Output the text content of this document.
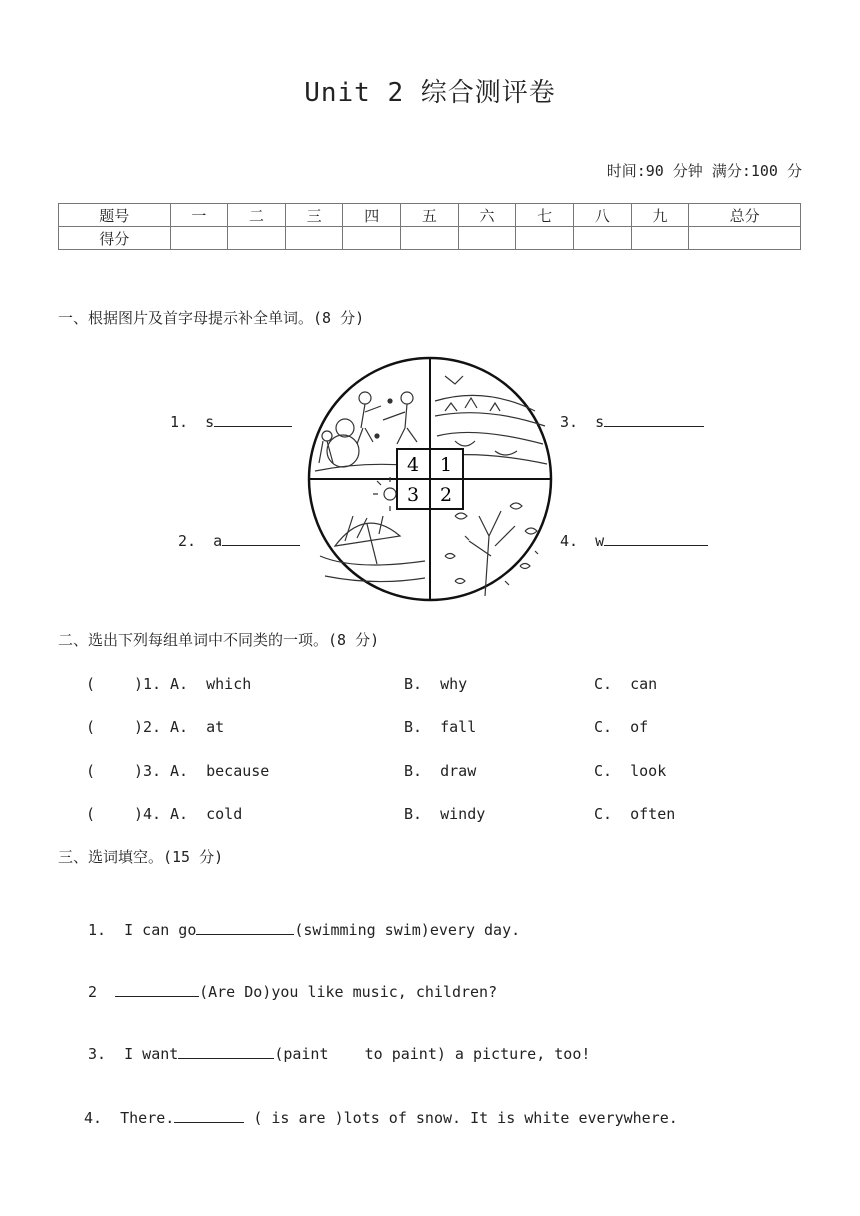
Unit 2 综合测评卷
时间:90 分钟 满分:100 分
题号	一	二	三	四	五	六	七	八	九	总分
得分										
一、根据图片及首字母提示补全单词。(8 分)
1. s
2. a
3. s
4. w
4 1
3 2
二、选出下列每组单词中不同类的一项。(8 分)
(	)1. A.  which	B.  why	C.  can
(	)2. A.  at	B.  fall	C.  of
(	)3. A.  because	B.  draw	C.  look
(	)4. A.  cold	B.  windy	C.  often
三、选词填空。(15 分)
1.  I can go	(swimming swim)every day.
2	(Are Do)you like music, children?
3.  I want	(paint    to paint) a picture, too!
4.  There.	( is are )lots of snow. It is white everywhere.
